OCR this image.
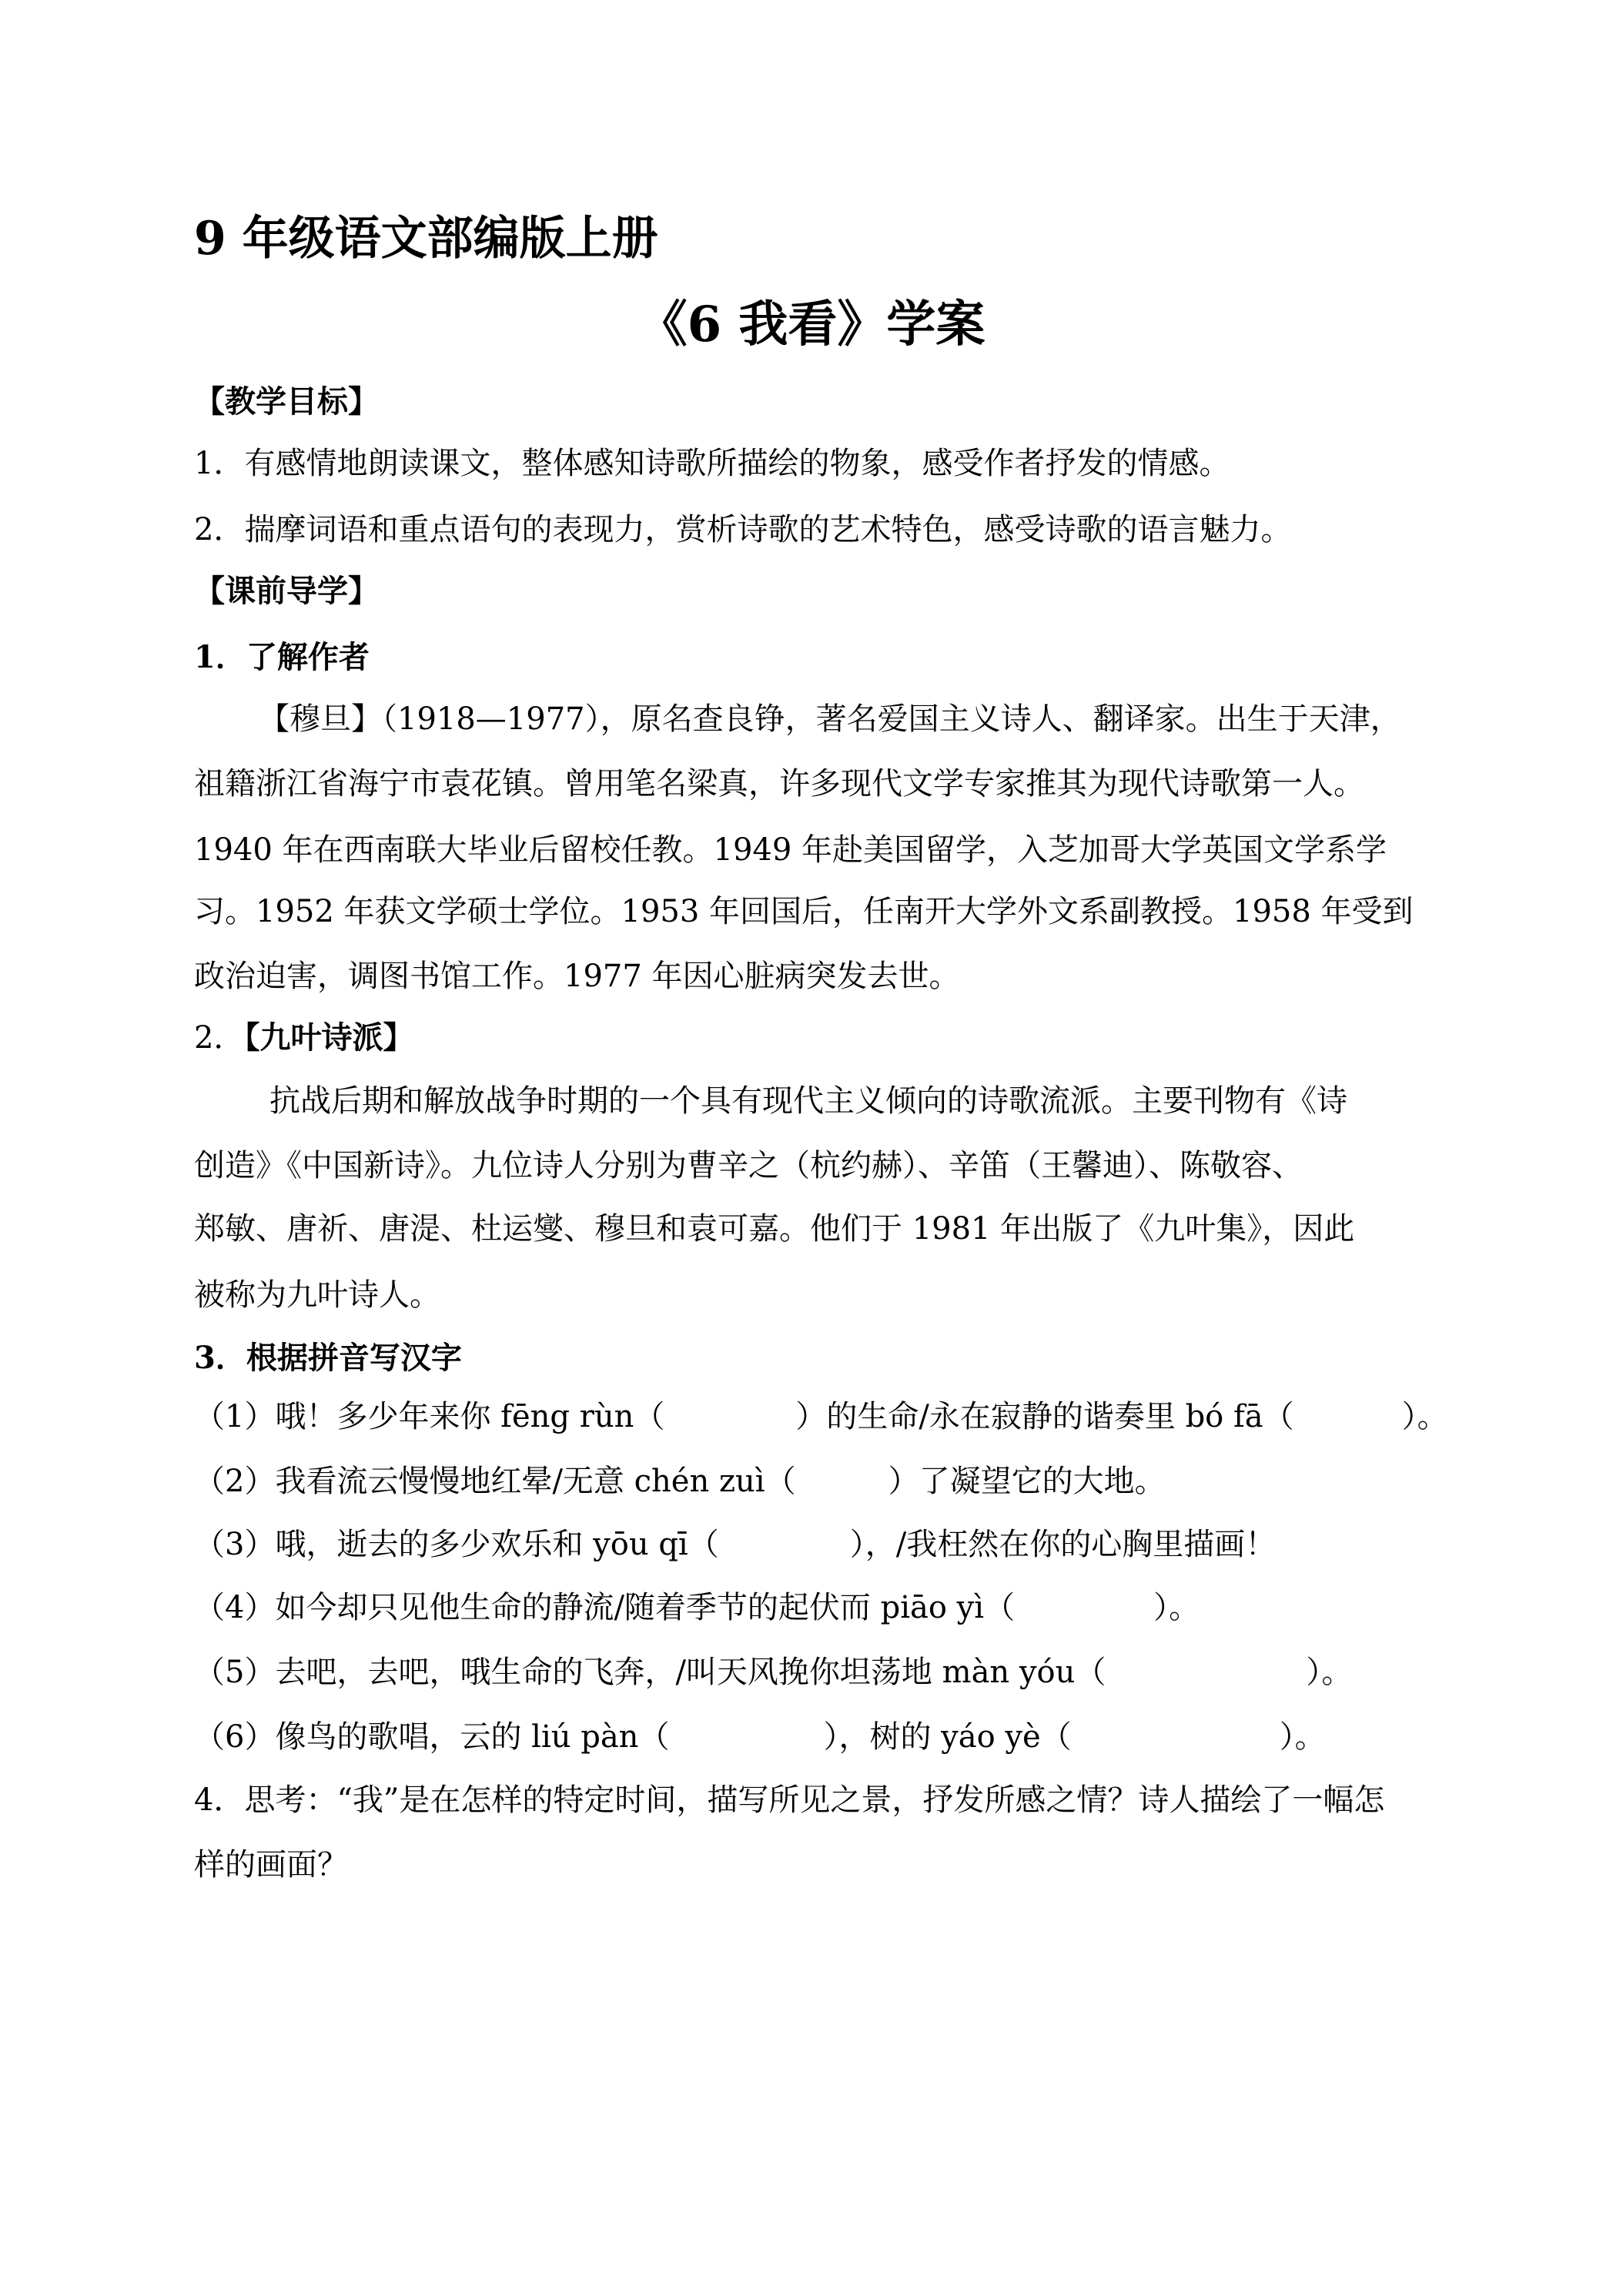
9 年级语文部编版上册
《6 我看》学案
【教学目标】
1．有感情地朗读课文，整体感知诗歌所描绘的物象，感受作者抒发的情感。
2．揣摩词语和重点语句的表现力，赏析诗歌的艺术特色，感受诗歌的语言魅力。
【课前导学】
1．了解作者
【穆旦】（1918—1977），原名查良铮，著名爱国主义诗人、翻译家。出生于天津，
祖籍浙江省海宁市袁花镇。曾用笔名梁真，许多现代文学专家推其为现代诗歌第一人。
1940 年在西南联大毕业后留校任教。1949 年赴美国留学，入芝加哥大学英国文学系学
习。1952 年获文学硕士学位。1953 年回国后，任南开大学外文系副教授。1958 年受到
政治迫害，调图书馆工作。1977 年因心脏病突发去世。
2．【九叶诗派】
抗战后期和解放战争时期的一个具有现代主义倾向的诗歌流派。主要刊物有《诗
创造》《中国新诗》。九位诗人分别为曹辛之（杭约赫）、辛笛（王馨迪）、陈敬容、
郑敏、唐祈、唐湜、杜运燮、穆旦和袁可嘉。他们于 1981 年出版了《九叶集》，因此
被称为九叶诗人。
3．根据拼音写汉字
（1）哦！多少年来你 fēng rùn（	）的生命/永在寂静的谐奏里 bó fā（	）。
（2）我看流云慢慢地红晕/无意 chén zuì（	）了凝望它的大地。
（3）哦，逝去的多少欢乐和 yōu qī（	），/我枉然在你的心胸里描画！
（4）如今却只见他生命的静流/随着季节的起伏而 piāo yì（	）。
（5）去吧，去吧，哦生命的飞奔，/叫天风挽你坦荡地 màn yóu（	）。
（6）像鸟的歌唱，云的 liú pàn（	），树的 yáo yè（	）。
4．思考：“我”是在怎样的特定时间，描写所见之景，抒发所感之情？诗人描绘了一幅怎
样的画面？
